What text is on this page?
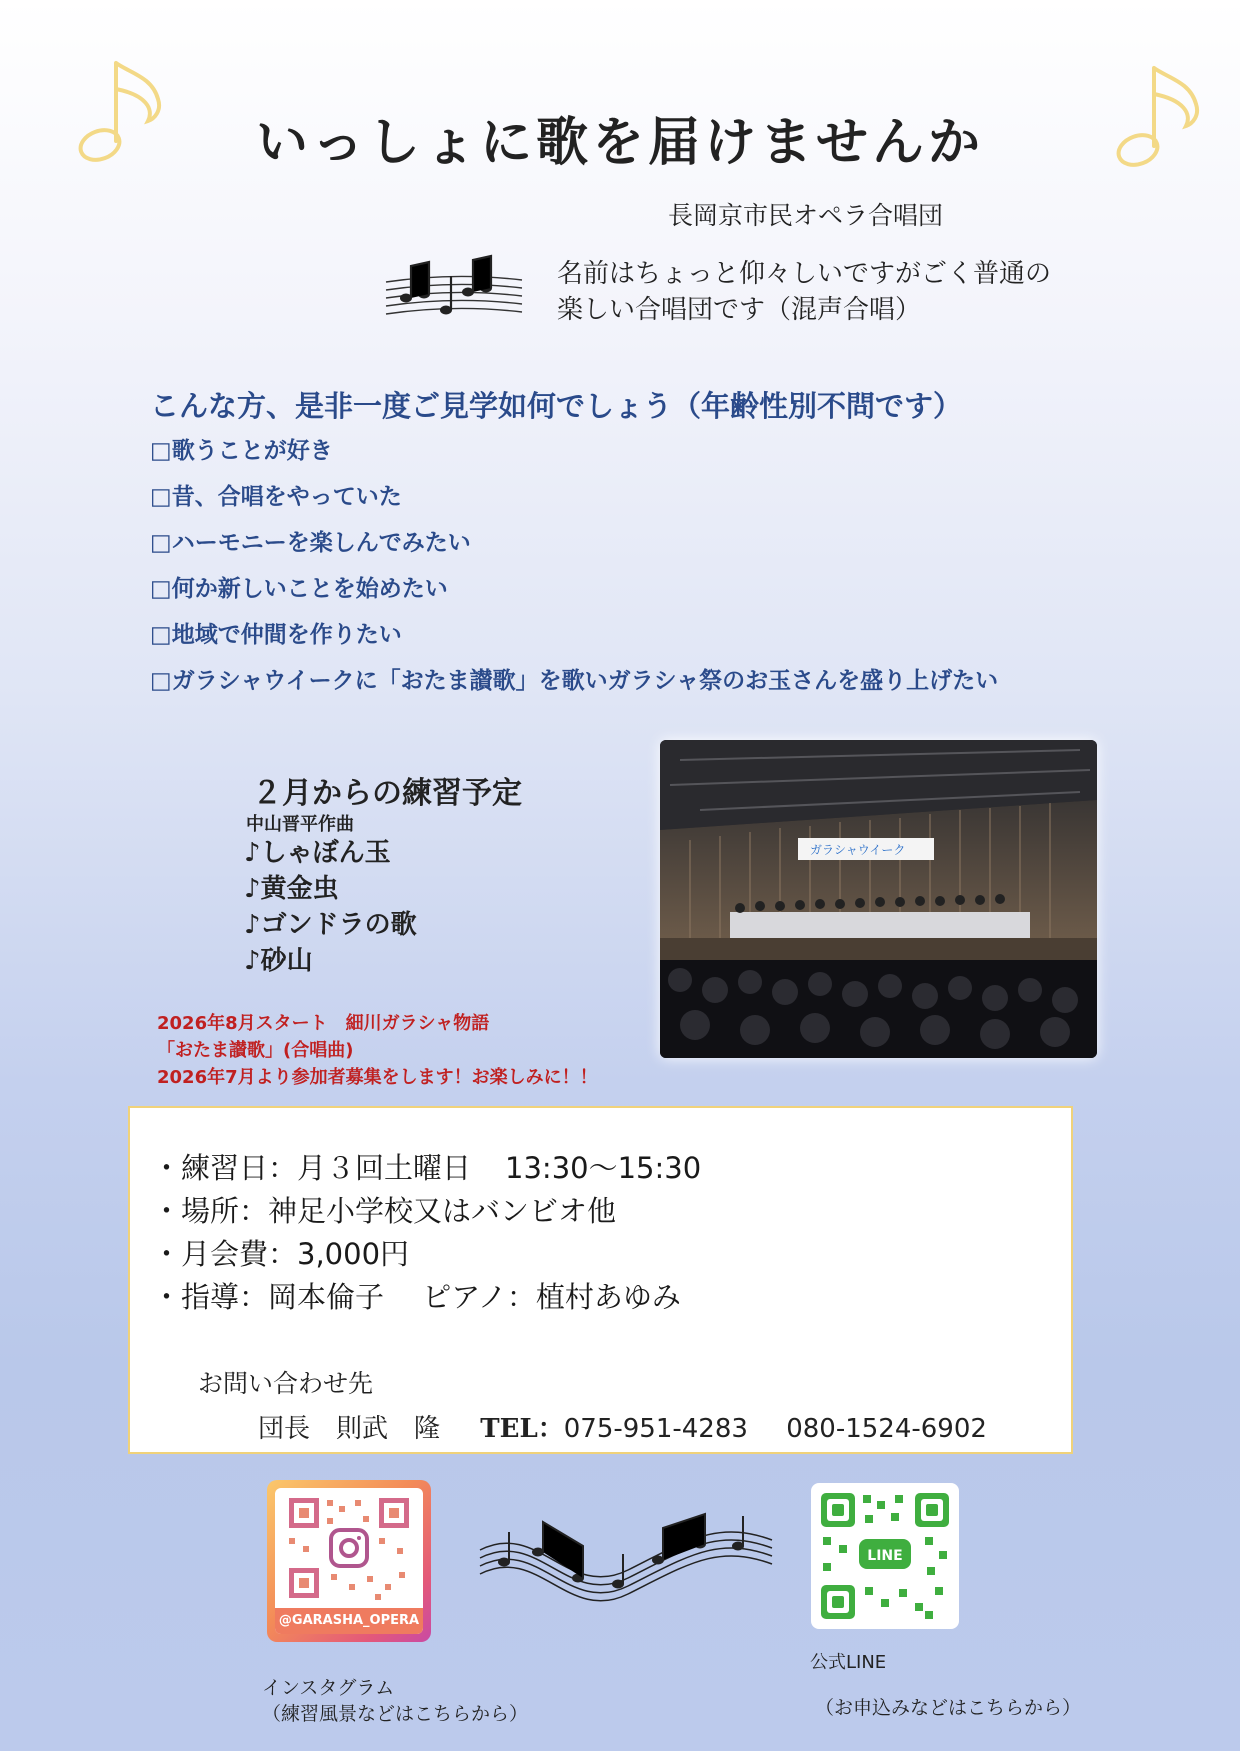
いっしょに歌を届けませんか
長岡京市民オペラ合唱団
名前はちょっと仰々しいですがごく普通の
楽しい合唱団です（混声合唱）
こんな方、是非一度ご見学如何でしょう（年齢性別不問です）
□歌うことが好き
□昔、合唱をやっていた
□ハーモニーを楽しんでみたい
□何か新しいことを始めたい
□地域で仲間を作りたい
□ガラシャウイークに「おたま讃歌」を歌いガラシャ祭のお玉さんを盛り上げたい
ガラシャウイーク
２月からの練習予定
中山晋平作曲
♪しゃぼん玉
♪黄金虫
♪ゴンドラの歌
♪砂山
2026年8月スタート　細川ガラシャ物語
「おたま讃歌」(合唱曲)
2026年7月より参加者募集をします！お楽しみに！！
・練習日：月３回土曜日 13:30～15:30
・場所：神足小学校又はバンビオ他
・月会費：3,000円
・指導：岡本倫子　 ピアノ：植村あゆみ
お問い合わせ先
団長　則武　隆 TEL：075-951-4283 080-1524-6902
@GARASHA_OPERA
インスタグラム
（練習風景などはこちらから）
LINE
公式LINE
（お申込みなどはこちらから）
